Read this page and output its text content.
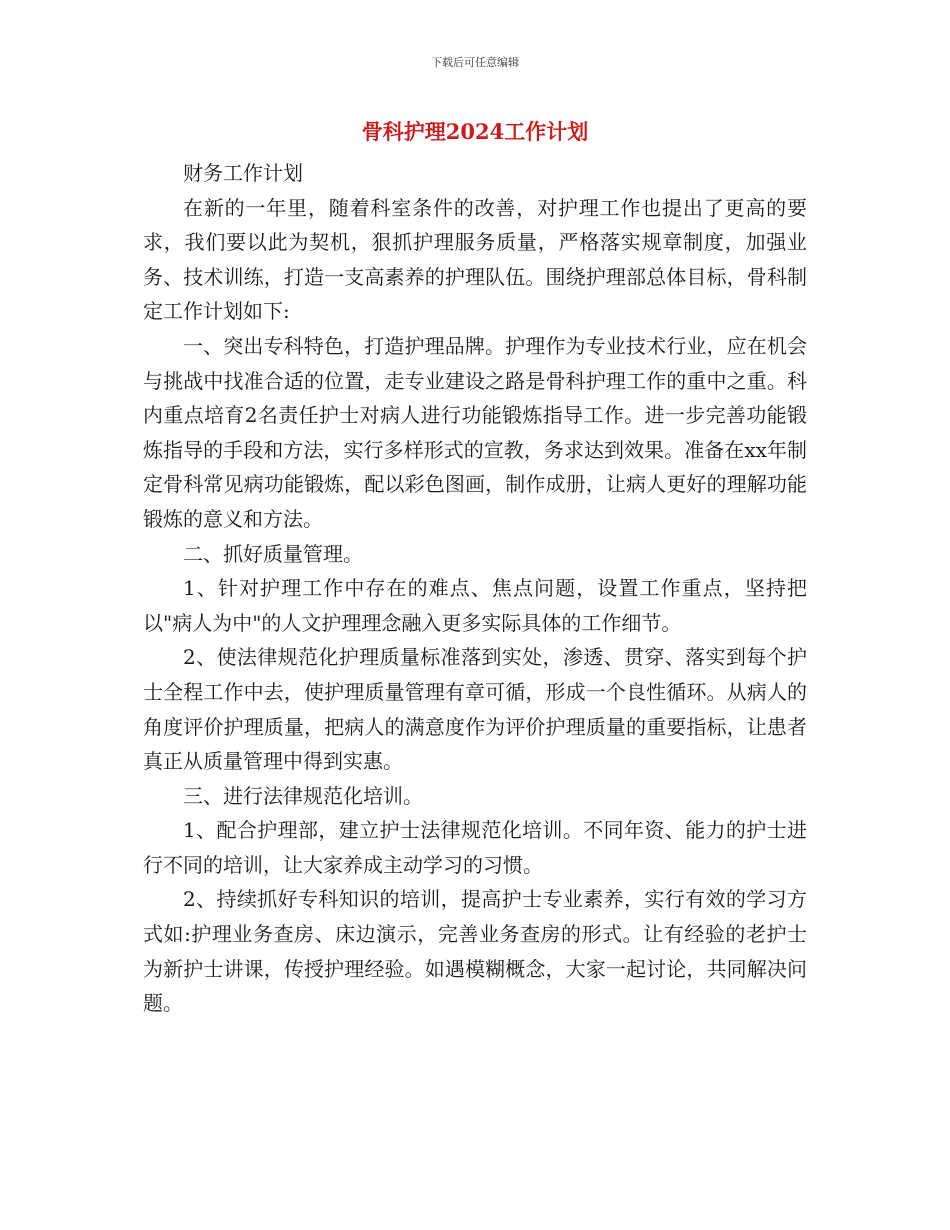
下载后可任意编辑
骨科护理2024工作计划

财务工作计划

在新的一年里，随着科室条件的改善，对护理工作也提出了更高的要求，我们要以此为契机，狠抓护理服务质量，严格落实规章制度，加强业务、技术训练，打造一支高素养的护理队伍。围绕护理部总体目标，骨科制定工作计划如下:

一、突出专科特色，打造护理品牌。护理作为专业技术行业，应在机会与挑战中找准合适的位置，走专业建设之路是骨科护理工作的重中之重。科内重点培育2名责任护士对病人进行功能锻炼指导工作。进一步完善功能锻炼指导的手段和方法，实行多样形式的宣教，务求达到效果。准备在xx年制定骨科常见病功能锻炼，配以彩色图画，制作成册，让病人更好的理解功能锻炼的意义和方法。

二、抓好质量管理。

1、针对护理工作中存在的难点、焦点问题，设置工作重点，坚持把以"病人为中"的人文护理理念融入更多实际具体的工作细节。

2、使法律规范化护理质量标准落到实处，渗透、贯穿、落实到每个护士全程工作中去，使护理质量管理有章可循，形成一个良性循环。从病人的角度评价护理质量，把病人的满意度作为评价护理质量的重要指标，让患者真正从质量管理中得到实惠。

三、进行法律规范化培训。

1、配合护理部，建立护士法律规范化培训。不同年资、能力的护士进行不同的培训，让大家养成主动学习的习惯。

2、持续抓好专科知识的培训，提高护士专业素养，实行有效的学习方式如:护理业务查房、床边演示，完善业务查房的形式。让有经验的老护士为新护士讲课，传授护理经验。如遇模糊概念，大家一起讨论，共同解决问题。
